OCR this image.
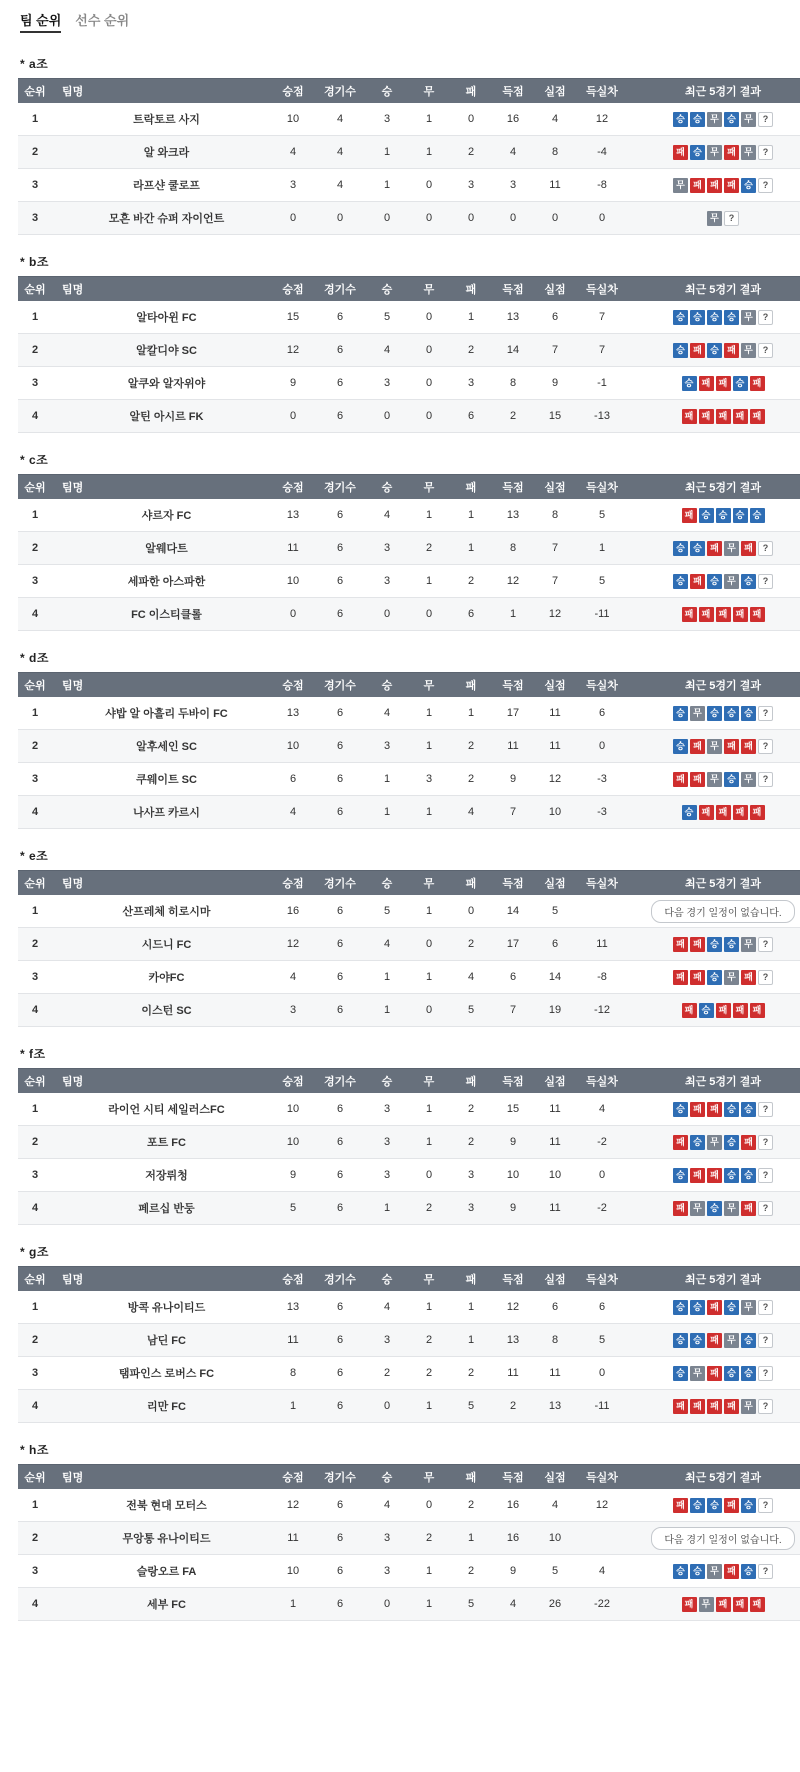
팀 순위 선수 순위
* a조
순위	팀명	승점	경기수	승	무	패	득점	실점	득실차	최근 5경기 결과
1	트락토르 사지	10	4	3	1	0	16	4	12	승 승 무 승 무	?

2	알 와크라	4	4	1	1	2	4	8	-4	패 승 무 패 무	?

3	라프샨 쿨로프	3	4	1	0	3	3	11	-8	무 패 패 패 승	?

3	모흔 바간 슈퍼 자이언트	0	0	0	0	0	0	0	0	무 ?
* b조
순위	팀명	승점	경기수	승	무	패	득점	실점	득실차	최근 5경기 결과
1	알타아윈 FC	15	6	5	0	1	13	6	7	승 승 승 승 무	?

2	알칼디야 SC	12	6	4	0	2	14	7	7	승 패 승 패 무	?

3	알쿠와 알자위야	9	6	3	0	3	8	9	-1	승 패 패 승 패

4	알틴 아시르 FK	0	6	0	0	6	2	15	-13	패 패 패 패 패
* c조
순위	팀명	승점	경기수	승	무	패	득점	실점	득실차	최근 5경기 결과
1	샤르자 FC	13	6	4	1	1	13	8	5	패 승 승 승 승

2	알웨다트	11	6	3	2	1	8	7	1	승 승 패 무 패	?

3	세파한 아스파한	10	6	3	1	2	12	7	5	승 패 승 무 승	?

4	FC 이스티클롤	0	6	0	0	6	1	12	-11	패 패 패 패 패
* d조
순위	팀명	승점	경기수	승	무	패	득점	실점	득실차	최근 5경기 결과
1	샤밥 알 아흘리 두바이 FC	13	6	4	1	1	17	11	6	승 무 승 승 승	?

2	알후세인 SC	10	6	3	1	2	11	11	0	승 패 무 패 패	?

3	쿠웨이트 SC	6	6	1	3	2	9	12	-3	패 패 무 승 무	?

4	나사프 카르시	4	6	1	1	4	7	10	-3	승 패 패 패 패
* e조
순위	팀명	승점	경기수	승	무	패	득점	실점	득실차	최근 5경기 결과
1	산프레체 히로시마	16	6	5	1	0	14	5		다음 경기 일정이 없습니다.

2	시드니 FC	12	6	4	0	2	17	6	11	패 패 승 승 무	?

3	카야FC	4	6	1	1	4	6	14	-8	패 패 승 무 패	?

4	이스턴 SC	3	6	1	0	5	7	19	-12	패 승 패 패 패
* f조
순위	팀명	승점	경기수	승	무	패	득점	실점	득실차	최근 5경기 결과
1	라이언 시티 세일러스FC	10	6	3	1	2	15	11	4	승 패 패 승 승	?

2	포트 FC	10	6	3	1	2	9	11	-2	패 승 무 승 패	?

3	저장뤼청	9	6	3	0	3	10	10	0	승 패 패 승 승	?

4	페르십 반둥	5	6	1	2	3	9	11	-2	패 무 승 무 패	?
* g조
순위	팀명	승점	경기수	승	무	패	득점	실점	득실차	최근 5경기 결과
1	방콕 유나이티드	13	6	4	1	1	12	6	6	승 승 패 승 무	?

2	남딘 FC	11	6	3	2	1	13	8	5	승 승 패 무 승	?

3	탬파인스 로버스 FC	8	6	2	2	2	11	11	0	승 무 패 승 승	?

4	리만 FC	1	6	0	1	5	2	13	-11	패 패 패 패 무	?
* h조
순위	팀명	승점	경기수	승	무	패	득점	실점	득실차	최근 5경기 결과
1	전북 현대 모터스	12	6	4	0	2	16	4	12	패 승 승 패 승	?

2	무앙통 유나이티드	11	6	3	2	1	16	10		다음 경기 일정이 없습니다.

3	슬랑오르 FA	10	6	3	1	2	9	5	4	승 승 무 패 승	?

4	세부 FC	1	6	0	1	5	4	26	-22	패 무 패 패 패
